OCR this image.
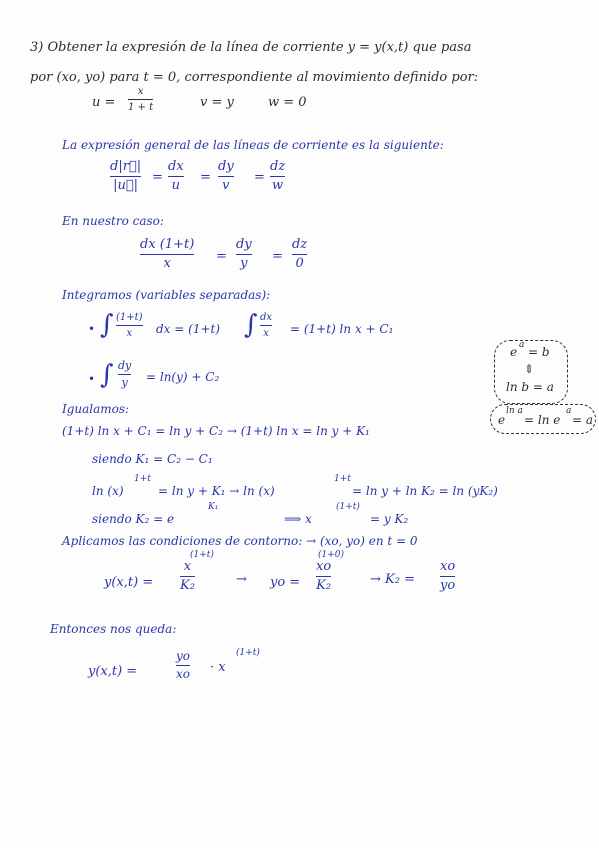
3) Obtener la expresión de la línea de corriente y = y(x,t) que pasa
por (xo, yo) para t = 0, correspondiente al movimiento definido por:
u =
x
1 + t	v = y	w = 0
La expresión general de las líneas de corriente es la siguiente:
d|r⃗|
|u⃗|
=
dx
u
=
dy
v
=
dz
w
En nuestro caso:
dx (1+t)
x	=
dy
y =
dz
0
Integramos (variables separadas):
• ∫ (1+t)
x dx = (1+t) ∫ dx
x = (1+t) ln x + C₁
• ∫ dy
y = ln(y) + C₂
e a = b
⇕
ln b = a
e
ln a
= ln e
a
= a
Igualamos:
(1+t) ln x + C₁ = ln y + C₂ → (1+t) ln x = ln y + K₁
siendo K₁ = C₂ − C₁
ln (x)
1+t
= ln y + K₁ → ln (x)
1+t
= ln y + ln K₂ = ln (yK₂)
siendo K₂ = e
K₁
⟹ x
(1+t)
= y K₂
Aplicamos las condiciones de contorno: → (xo, yo) en t = 0
y(x,t) =
x
K₂
(1+t)
→ yo =
xo
K₂
(1+0)
→ K₂ =
xo
yo
Entonces nos queda:
y(x,t) =
yo
xo · x
(1+t)
